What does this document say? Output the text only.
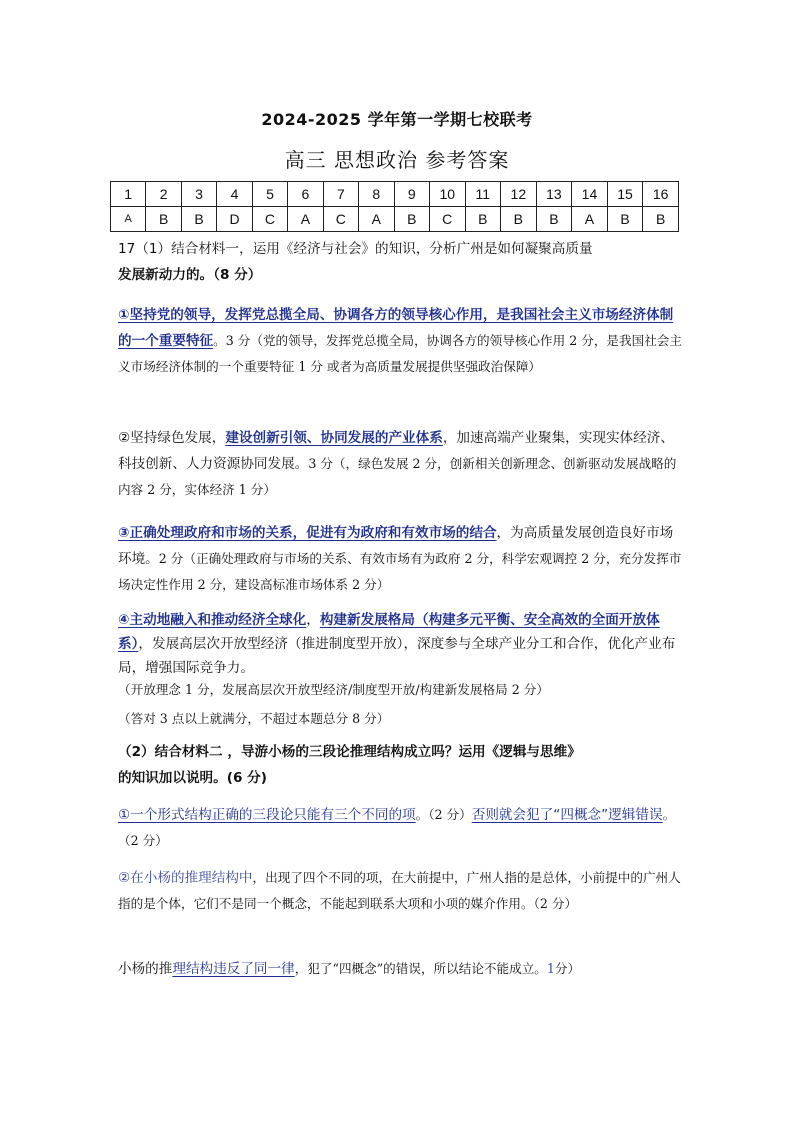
2024-2025 学年第一学期七校联考
高三 思想政治 参考答案
1	2	3	4	5	6	7	8	9	10	11	12	13	14	15	16
A	B	B	D	C	A	C	A	B	C	B	B	B	A	B	B

17（1）结合材料一，运用《经济与社会》的知识，分析广州是如何凝聚高质量

发展新动力的。（8 分）

①坚持党的领导，发挥党总揽全局、协调各方的领导核心作用，是我国社会主义市场经济体制的一个重要特征。3 分（党的领导，发挥党总揽全局，协调各方的领导核心作用 2 分，是我国社会主义市场经济体制的一个重要特征 1 分 或者为高质量发展提供坚强政治保障）

②坚持绿色发展，建设创新引领、协同发展的产业体系，加速高端产业聚集，实现实体经济、科技创新、人力资源协同发展。3 分（，绿色发展 2 分，创新相关创新理念、创新驱动发展战略的内容 2 分，实体经济 1 分）

③正确处理政府和市场的关系，促进有为政府和有效市场的结合，为高质量发展创造良好市场环境。2 分（正确处理政府与市场的关系、有效市场有为政府 2 分，科学宏观调控 2 分，充分发挥市场决定性作用 2 分，建设高标准市场体系 2 分）

④主动地融入和推动经济全球化，构建新发展格局（构建多元平衡、安全高效的全面开放体系），发展高层次开放型经济（推进制度型开放），深度参与全球产业分工和合作，优化产业布局，增强国际竞争力。

（开放理念 1 分，发展高层次开放型经济/制度型开放/构建新发展格局 2 分）
（答对 3 点以上就满分，不超过本题总分 8 分）

（2）结合材料二 ，导游小杨的三段论推理结构成立吗？运用《逻辑与思维》

的知识加以说明。(6 分)

①一个形式结构正确的三段论只能有三个不同的项。（2 分）否则就会犯了“四概念”逻辑错误。（2 分）

②在小杨的推理结构中，出现了四个不同的项，在大前提中，广州人指的是总体，小前提中的广州人指的是个体，它们不是同一个概念，不能起到联系大项和小项的媒介作用。（2 分）

小杨的推理结构违反了同一律，犯了“四概念”的错误，所以结论不能成立。1分）
